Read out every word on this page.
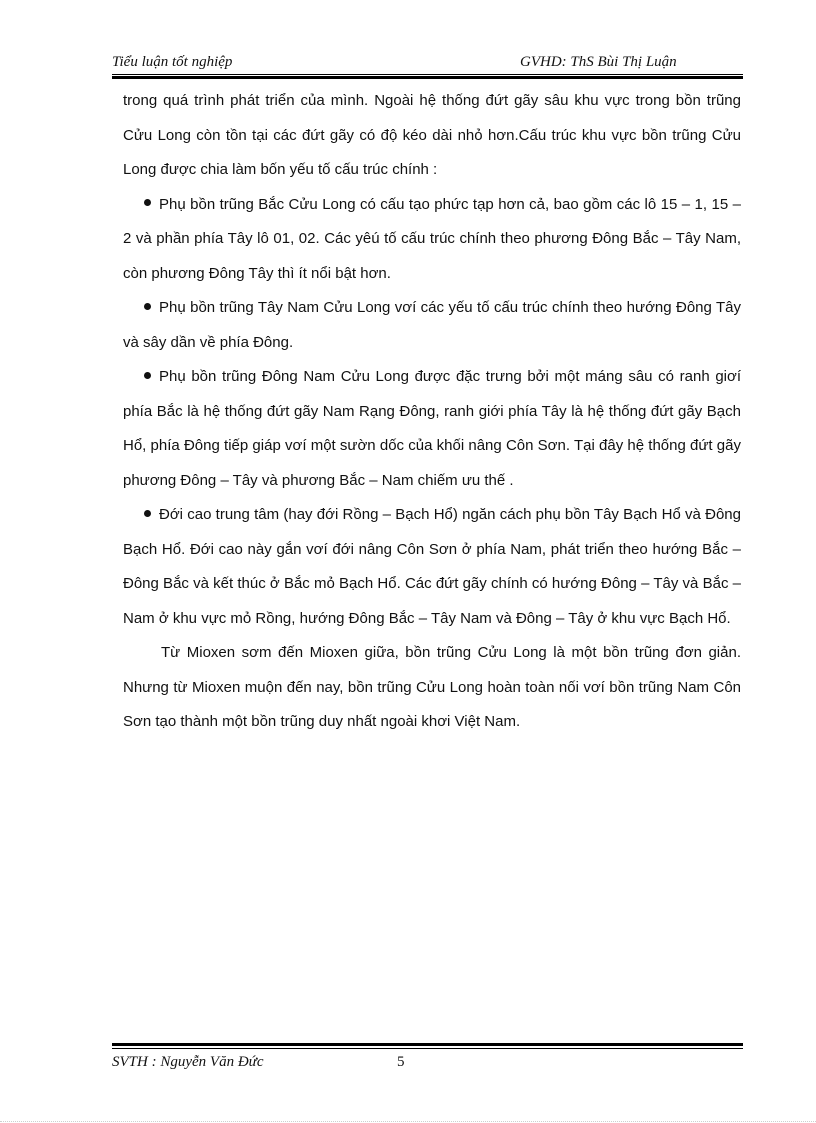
Tiểu luận tốt nghiệp	GVHD: ThS Bùi Thị Luận

trong quá trình phát triển của mình. Ngoài hệ thống đứt gãy sâu khu vực trong bồn trũng Cửu Long còn tồn tại các đứt gãy có độ kéo dài nhỏ hơn.Cấu trúc khu vực bồn trũng Cửu Long được chia làm bốn yếu tố cấu trúc chính :

Phụ bồn trũng Bắc Cửu Long có cấu tạo phức tạp hơn cả, bao gồm các lô 15 – 1, 15 – 2 và phần phía Tây lô 01, 02. Các yêú tố cấu trúc chính theo phương Đông Bắc – Tây Nam, còn phương Đông Tây thì ít nổi bật hơn.

Phụ bồn trũng Tây Nam Cửu Long vơí các yếu tố cấu trúc chính theo hướng Đông Tây và sây dần về phía Đông.

Phụ bồn trũng Đông Nam Cửu Long được đặc trưng bởi một máng sâu có ranh giơí phía Bắc là hệ thống đứt gãy Nam Rạng Đông, ranh giới phía Tây là hệ thống đứt gãy Bạch Hổ, phía Đông tiếp giáp vơí một sườn dốc của khối nâng Côn Sơn. Tại đây hệ thống đứt gãy phương Đông – Tây và phương Bắc – Nam chiếm ưu thế .

Đới cao trung tâm (hay đới Rồng – Bạch Hổ) ngăn cách phụ bồn Tây Bạch Hổ và Đông Bạch Hổ. Đới cao này gắn vơí đới nâng Côn Sơn ở phía Nam, phát triển theo hướng Bắc – Đông Bắc và kết thúc ở Bắc mỏ Bạch Hổ. Các đứt gãy chính có hướng Đông – Tây và Bắc – Nam ở khu vực mỏ Rồng, hướng Đông Bắc – Tây Nam và Đông – Tây ở khu vực Bạch Hổ.

Từ Mioxen sơm đến Mioxen giữa, bồn trũng Cửu Long là một bồn trũng đơn giản. Nhưng từ Mioxen muộn đến nay, bồn trũng Cửu Long hoàn toàn nối vơí bồn trũng Nam Côn Sơn tạo thành một bồn trũng duy nhất ngoài khơi Việt Nam.

SVTH : Nguyễn Văn Đức	5
